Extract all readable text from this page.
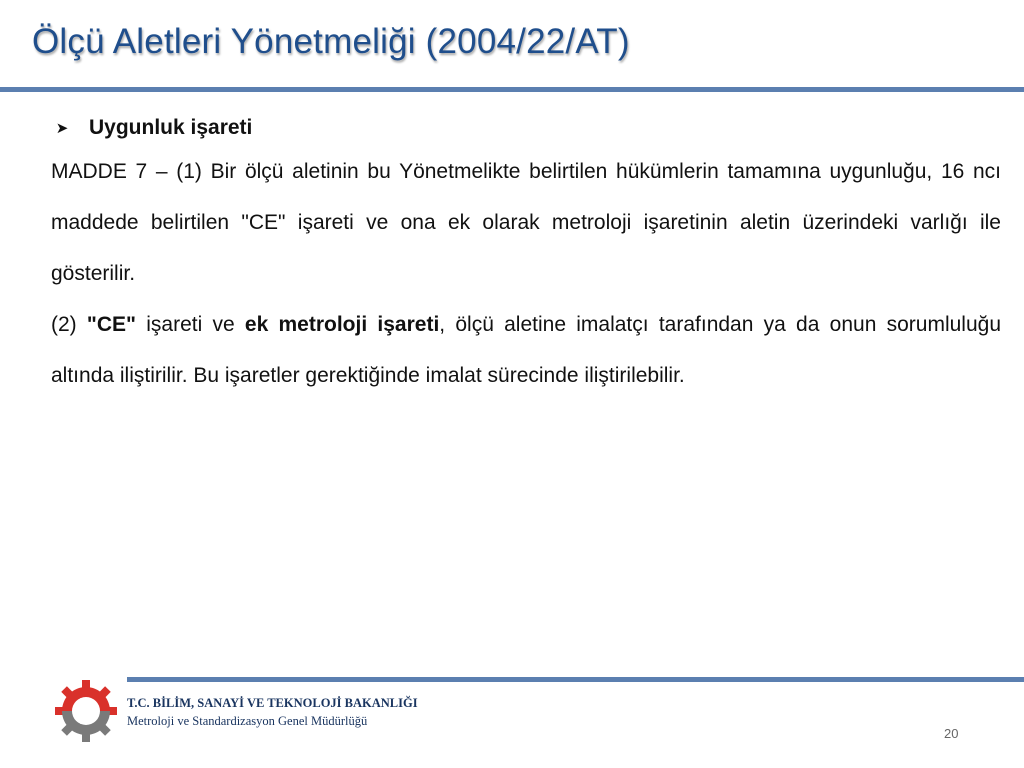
Ölçü Aletleri Yönetmeliği (2004/22/AT)
➤ Uygunluk işareti

MADDE 7 – (1) Bir ölçü aletinin bu Yönetmelikte belirtilen hükümlerin tamamına uygunluğu, 16 ncı maddede belirtilen "CE" işareti ve ona ek olarak metroloji işaretinin aletin üzerindeki varlığı ile gösterilir.

(2) "CE" işareti ve ek metroloji işareti, ölçü aletine imalatçı tarafından ya da onun sorumluluğu altında iliştirilir. Bu işaretler gerektiğinde imalat sürecinde iliştirilebilir.

T.C. BİLİM, SANAYİ VE TEKNOLOJİ BAKANLIĞI
Metroloji ve Standardizasyon Genel Müdürlüğü
20
